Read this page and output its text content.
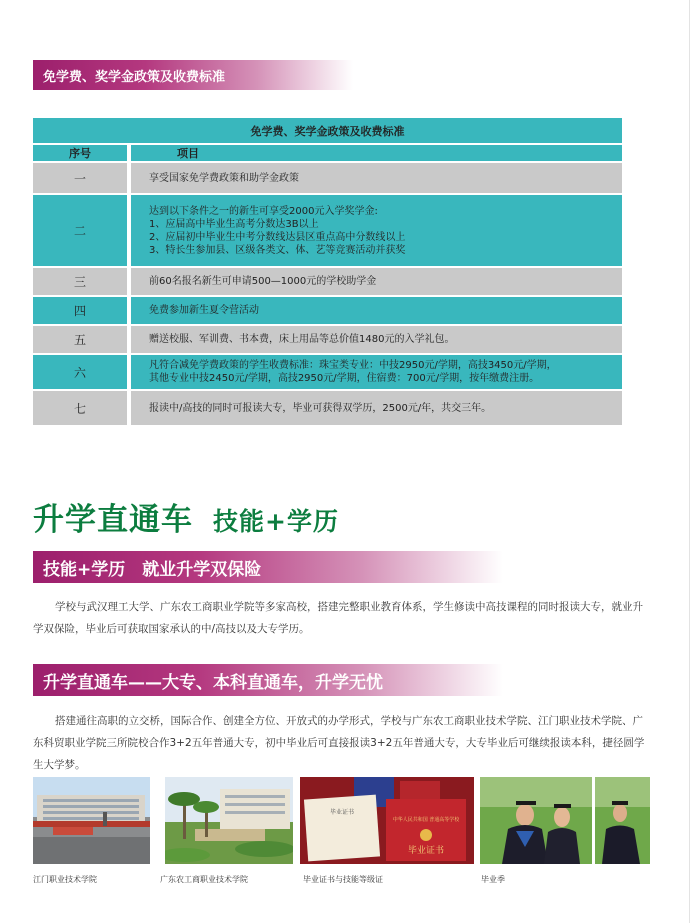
免学费、奖学金政策及收费标准
免学费、奖学金政策及收费标准		
序号		项目
一		享受国家免学费政策和助学金政策

二		达到以下条件之一的新生可享受2000元入学奖学金:
1、应届高中毕业生高考分数达3B以上
2、应届初中毕业生中考分数线达县区重点高中分数线以上
3、特长生参加县、区级各类文、体、艺等竞赛活动并获奖

三		前60名报名新生可申请500—1000元的学校助学金

四		免费参加新生夏令营活动

五		赠送校服、军训费、书本费，床上用品等总价值1480元的入学礼包。

六		凡符合减免学费政策的学生收费标准：珠宝类专业：中技2950元/学期，高技3450元/学期，
其他专业中技2450元/学期，高技2950元/学期，住宿费：700元/学期，按年缴费注册。

七		报读中/高技的同时可报读大专，毕业可获得双学历，2500元/年，共交三年。
升学直通车 技能+学历
技能+学历　就业升学双保险
学校与武汉理工大学、广东农工商职业学院等多家高校，搭建完整职业教育体系，学生修读中高技课程的同时报读大专，就业升学双保险，毕业后可获取国家承认的中/高技以及大专学历。
升学直通车——大专、本科直通车，升学无忧
搭建通往高职的立交桥，国际合作、创建全方位、开放式的办学形式，学校与广东农工商职业技术学院、江门职业技术学院、广东科贸职业学院三所院校合作3+2五年普通大专，初中毕业后可直接报读3+2五年普通大专，大专毕业后可继续报读本科，捷径圆学生大学梦。
毕业证书
中华人民共和国 普通高等学校
毕业证书
江门职业技术学院	广东农工商职业技术学院	毕业证书与技能等级证	毕业季
